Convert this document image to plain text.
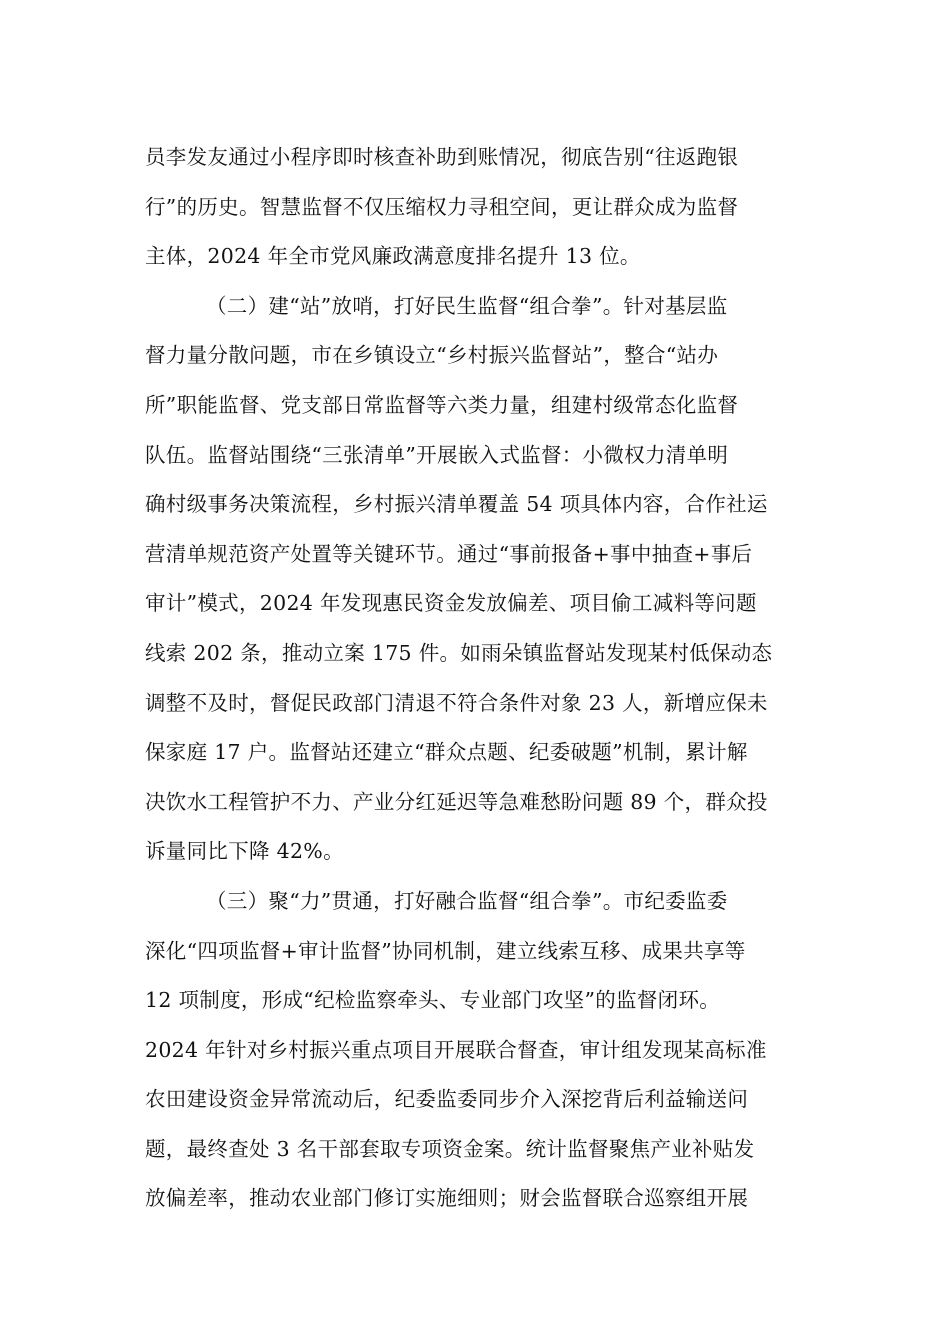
员李发友通过小程序即时核查补助到账情况，彻底告别“往返跑银
行”的历史。智慧监督不仅压缩权力寻租空间，更让群众成为监督
主体，2024 年全市党风廉政满意度排名提升 13 位。

（二）建“站”放哨，打好民生监督“组合拳”。针对基层监
督力量分散问题，市在乡镇设立“乡村振兴监督站”，整合“站办
所”职能监督、党支部日常监督等六类力量，组建村级常态化监督
队伍。监督站围绕“三张清单”开展嵌入式监督：小微权力清单明
确村级事务决策流程，乡村振兴清单覆盖 54 项具体内容，合作社运
营清单规范资产处置等关键环节。通过“事前报备+事中抽查+事后
审计”模式，2024 年发现惠民资金发放偏差、项目偷工减料等问题
线索 202 条，推动立案 175 件。如雨朵镇监督站发现某村低保动态
调整不及时，督促民政部门清退不符合条件对象 23 人，新增应保未
保家庭 17 户。监督站还建立“群众点题、纪委破题”机制，累计解
决饮水工程管护不力、产业分红延迟等急难愁盼问题 89 个，群众投
诉量同比下降 42%。

（三）聚“力”贯通，打好融合监督“组合拳”。市纪委监委
深化“四项监督+审计监督”协同机制，建立线索互移、成果共享等
12 项制度，形成“纪检监察牵头、专业部门攻坚”的监督闭环。
2024 年针对乡村振兴重点项目开展联合督查，审计组发现某高标准
农田建设资金异常流动后，纪委监委同步介入深挖背后利益输送问
题，最终查处 3 名干部套取专项资金案。统计监督聚焦产业补贴发
放偏差率，推动农业部门修订实施细则；财会监督联合巡察组开展
